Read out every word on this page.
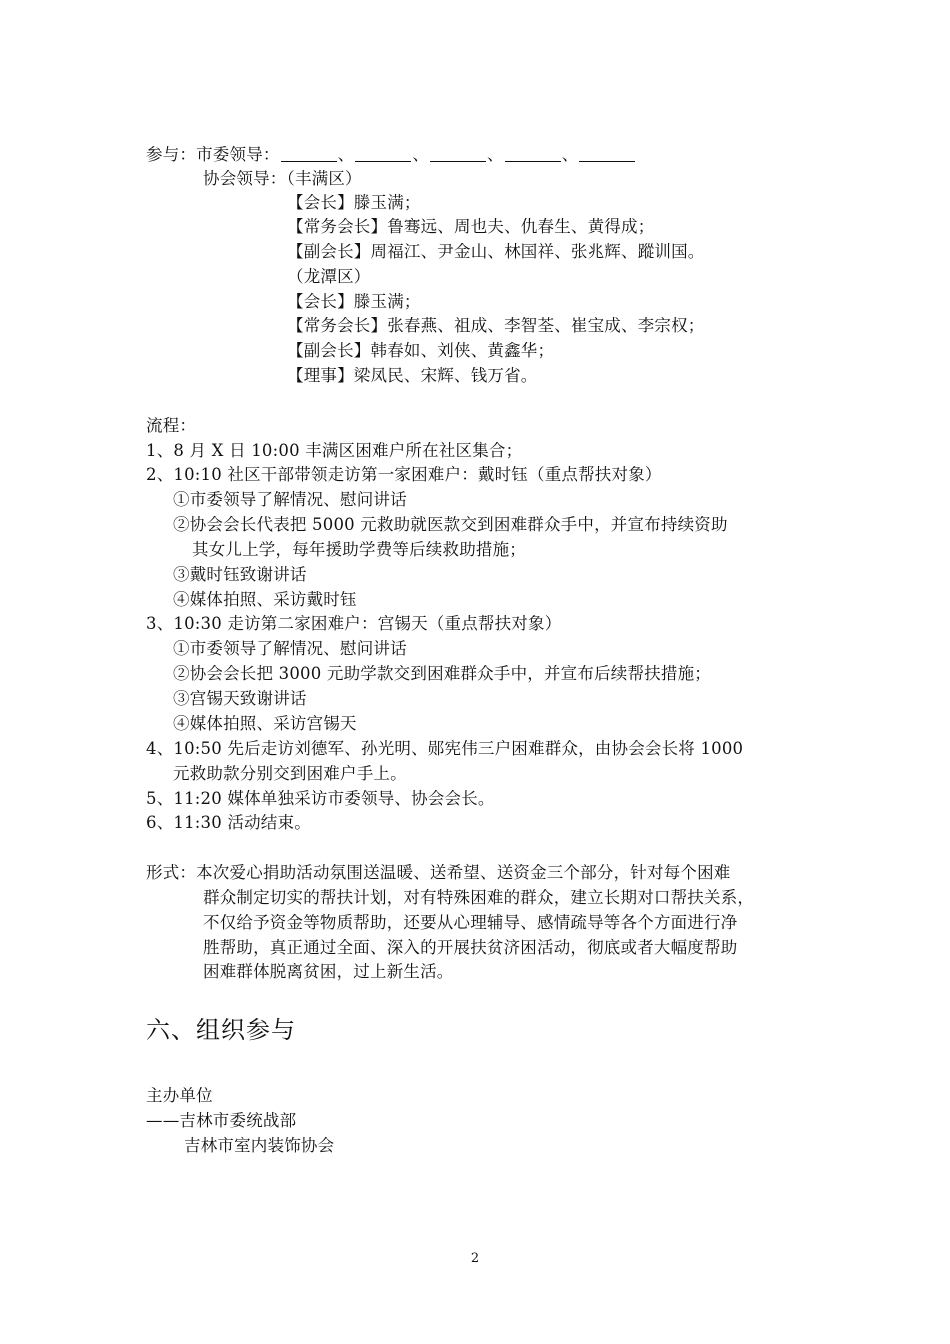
参与：市委领导：	、	、	、	、
协会领导：（丰满区）
【会长】滕玉满；
【常务会长】鲁骞远、周也夫、仇春生、黄得成；
【副会长】周福江、尹金山、林国祥、张兆辉、蹤训国。
（龙潭区）
【会长】滕玉满；
【常务会长】张春燕、祖成、李智荃、崔宝成、李宗权；
【副会长】韩春如、刘侠、黄鑫华；
【理事】梁凤民、宋辉、钱万省。
流程：
1、8 月 X 日 10:00 丰满区困难户所在社区集合；
2、10:10 社区干部带领走访第一家困难户：戴时钰（重点帮扶对象）
①市委领导了解情况、慰问讲话
②协会会长代表把 5000 元救助就医款交到困难群众手中，并宣布持续资助
其女儿上学，每年援助学费等后续救助措施；
③戴时钰致谢讲话
④媒体拍照、采访戴时钰
3、10:30 走访第二家困难户：宫锡天（重点帮扶对象）
①市委领导了解情况、慰问讲话
②协会会长把 3000 元助学款交到困难群众手中，并宣布后续帮扶措施；
③宫锡天致谢讲话
④媒体拍照、采访宫锡天
4、10:50 先后走访刘德军、孙光明、郧宪伟三户困难群众，由协会会长将 1000
元救助款分别交到困难户手上。
5、11:20 媒体单独采访市委领导、协会会长。
6、11:30 活动结束。
形式：本次爱心捐助活动氛围送温暖、送希望、送资金三个部分，针对每个困难
群众制定切实的帮扶计划，对有特殊困难的群众，建立长期对口帮扶关系，
不仅给予资金等物质帮助，还要从心理辅导、感情疏导等各个方面进行净
胜帮助，真正通过全面、深入的开展扶贫济困活动，彻底或者大幅度帮助
困难群体脱离贫困，过上新生活。
六、组织参与
主办单位
——吉林市委统战部
吉林市室内装饰协会
2
